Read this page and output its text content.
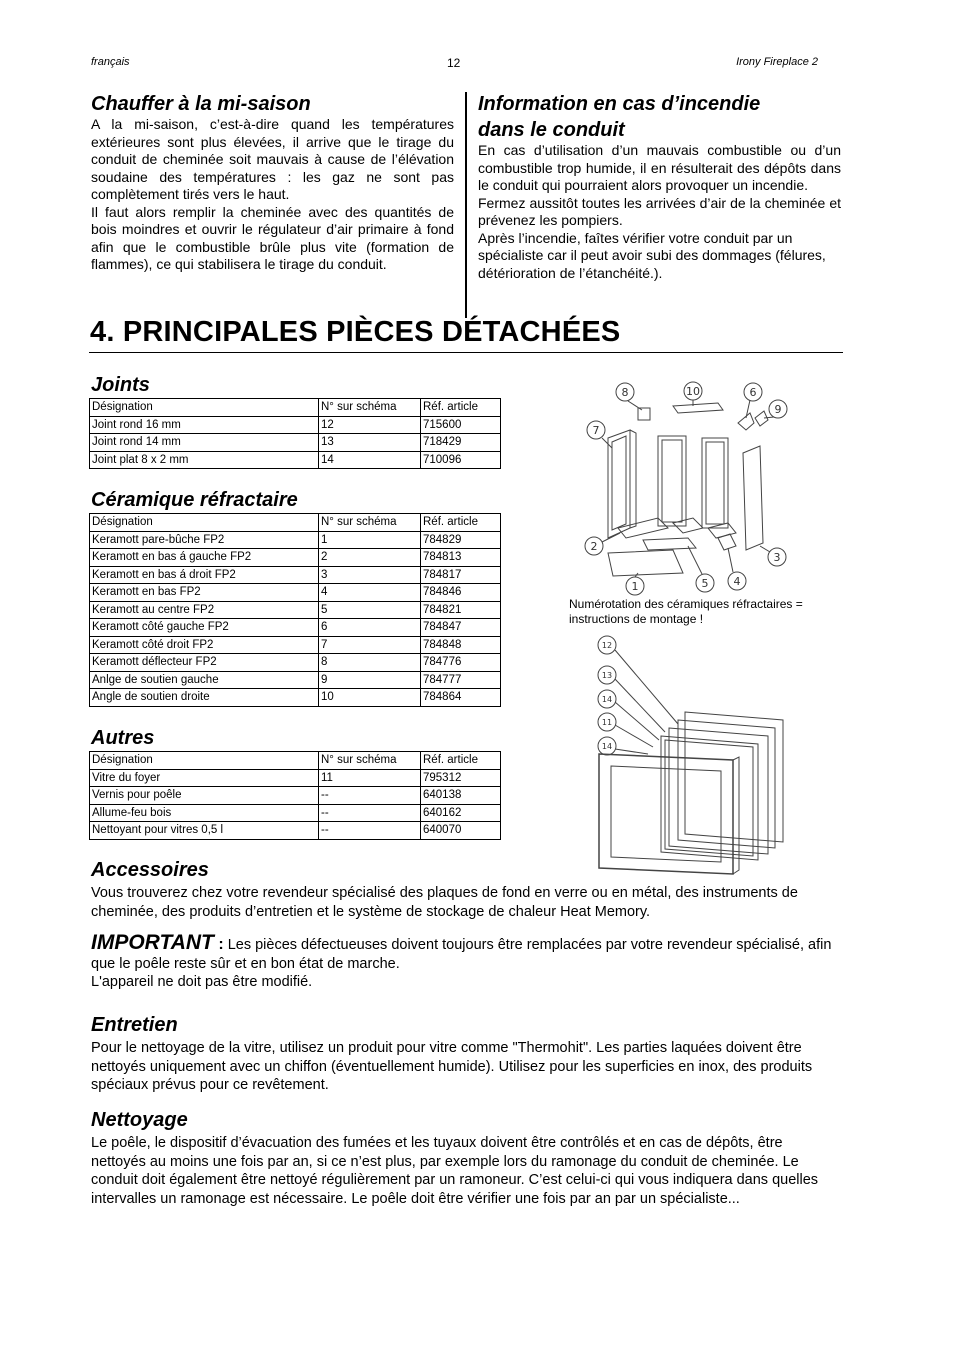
français	12	Irony Fireplace 2
Chauffer à la mi-saison
A la mi-saison, c’est-à-dire quand les températures extérieures sont plus élevées, il arrive que le tirage du conduit de cheminée soit mauvais à cause de l’élévation soudaine des températures : les gaz ne sont pas complètement tirés vers le haut.
Il faut alors remplir la cheminée avec des quantités de bois moindres et ouvrir le régulateur d’air primaire à fond afin que le combustible brûle plus vite (formation de flammes), ce qui stabilisera le tirage du conduit.
Information en cas d’incendie
dans le conduit
En cas d’utilisation d’un mauvais combustible ou d’un combustible trop humide, il en résulterait des dépôts dans le conduit qui pourraient alors provoquer un incendie.
Fermez aussitôt toutes les arrivées d’air de la cheminée et prévenez les pompiers.
Après l’incendie, faîtes vérifier votre conduit par un spécialiste car il peut avoir subi des dommages (félures, détérioration de l’étanchéité.).
4. PRINCIPALES PIÈCES DÉTACHÉES
Joints
Désignation	N° sur schéma	Réf. article
Joint rond 16 mm	12	715600
Joint rond 14 mm	13	718429
Joint plat 8 x 2 mm	14	710096
Céramique réfractaire
Désignation	N° sur schéma	Réf. article
Keramott pare-bûche FP2	1	784829
Keramott en bas á gauche FP2	2	784813
Keramott en bas á droit FP2	3	784817
Keramott en bas FP2	4	784846
Keramott au centre FP2	5	784821
Keramott côté gauche FP2	6	784847
Keramott côté droit FP2	7	784848
Keramott déflecteur FP2	8	784776
Anlge de soutien gauche	9	784777
Angle de soutien droite	10	784864
Autres
Désignation	N° sur schéma	Réf. article
Vitre du foyer	11	795312
Vernis pour poêle	--	640138
Allume-feu bois	--	640162
Nettoyant pour vitres 0,5 l	--	640070
8	10	6
9
7
2
1	5 4
3
Numérotation des céramiques réfractaires = instructions de montage !
12
13
14
11
14
Accessoires
Vous trouverez chez votre revendeur spécialisé des plaques de fond en verre ou en métal, des instruments de cheminée, des produits d’entretien et le système de stockage de chaleur Heat Memory.
IMPORTANT : Les pièces défectueuses doivent toujours être remplacées par votre revendeur spécialisé, afin que le poêle reste sûr et en bon état de marche.
L'appareil ne doit pas être modifié.
Entretien
Pour le nettoyage de la vitre, utilisez un produit pour vitre comme "Thermohit". Les parties laquées doivent être nettoyés uniquement avec un chiffon (éventuellement humide). Utilisez pour les superficies en inox, des produits spéciaux prévus pour ce revêtement.
Nettoyage
Le poêle, le dispositif d’évacuation des fumées et les tuyaux doivent être contrôlés et en cas de dépôts, être nettoyés au moins une fois par an, si ce n’est plus, par exemple lors du ramonage du conduit de cheminée. Le conduit doit également être nettoyé régulièrement par un ramoneur. C’est celui-ci qui vous indiquera dans quelles intervalles un ramonage est nécessaire. Le poêle doit être vérifier une fois par an par un spécialiste...
